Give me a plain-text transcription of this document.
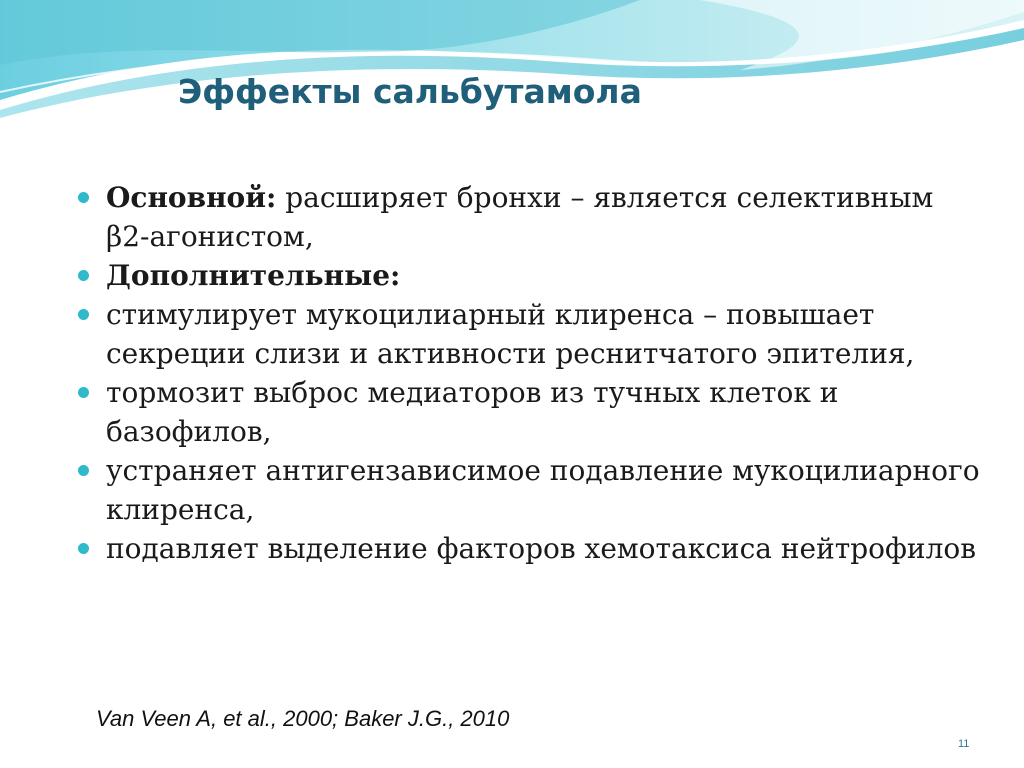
Эффекты сальбутамола
Основной: расширяет бронхи – является селективным β2-агонистом,
Дополнительные:
стимулирует мукоцилиарный клиренса – повышает секреции слизи и активности реснитчатого эпителия,
тормозит выброс медиаторов из тучных клеток и базофилов,
устраняет антигензависимое подавление мукоцилиарного клиренса,
подавляет выделение факторов хемотаксиса нейтрофилов
Van Veen A, et al., 2000; Baker J.G., 2010
11
